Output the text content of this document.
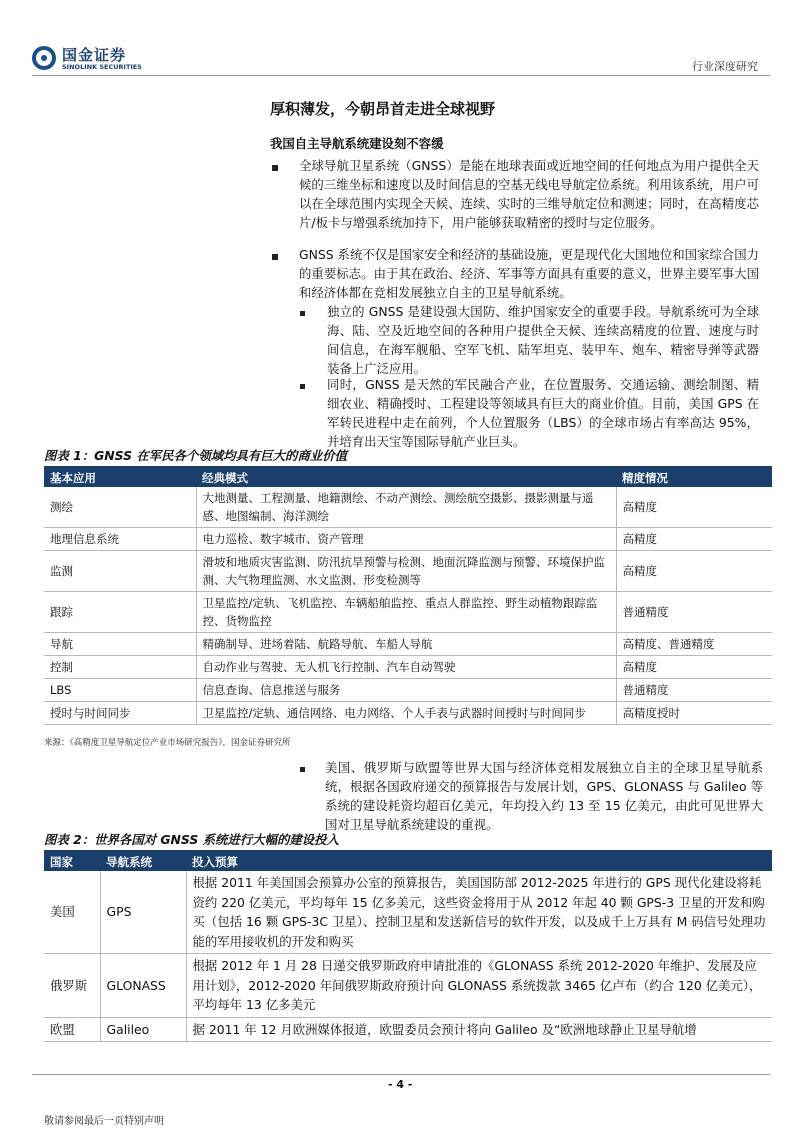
国金证券
SINOLINK SECURITIES	行业深度研究
厚积薄发，今朝昂首走进全球视野
我国自主导航系统建设刻不容缓
全球导航卫星系统（GNSS）是能在地球表面或近地空间的任何地点为用户提供全天候的三维坐标和速度以及时间信息的空基无线电导航定位系统。利用该系统，用户可以在全球范围内实现全天候、连续、实时的三维导航定位和测速；同时，在高精度芯片/板卡与增强系统加持下，用户能够获取精密的授时与定位服务。
GNSS 系统不仅是国家安全和经济的基础设施，更是现代化大国地位和国家综合国力的重要标志。由于其在政治、经济、军事等方面具有重要的意义，世界主要军事大国和经济体都在竞相发展独立自主的卫星导航系统。
独立的 GNSS 是建设强大国防、维护国家安全的重要手段。导航系统可为全球海、陆、空及近地空间的各种用户提供全天候、连续高精度的位置、速度与时间信息，在海军舰船、空军飞机、陆军坦克、装甲车、炮车、精密导弹等武器装备上广泛应用。
同时，GNSS 是天然的军民融合产业，在位置服务、交通运输、测绘制图、精细农业、精确授时、工程建设等领域具有巨大的商业价值。目前，美国 GPS 在军转民进程中走在前列，个人位置服务（LBS）的全球市场占有率高达 95%，并培育出天宝等国际导航产业巨头。
图表 1：GNSS 在军民各个领域均具有巨大的商业价值
基本应用	经典模式	精度情况
测绘	大地测量、工程测量、地籍测绘、不动产测绘、测绘航空摄影、摄影测量与遥感、地图编制、海洋测绘	高精度
地理信息系统	电力巡检、数字城市、资产管理	高精度
监测	滑坡和地质灾害监测、防汛抗旱预警与检测、地面沉降监测与预警、环境保护监测、大气物理监测、水文监测、形变检测等	高精度
跟踪	卫星监控/定轨、飞机监控、车辆船舶监控、重点人群监控、野生动植物跟踪监控、货物监控	普通精度
导航	精确制导、进场着陆、航路导航、车船人导航	高精度、普通精度
控制	自动作业与驾驶、无人机飞行控制、汽车自动驾驶	高精度
LBS	信息查询、信息推送与服务	普通精度
授时与时间同步	卫星监控/定轨、通信网络、电力网络、个人手表与武器时间授时与时间同步	高精度授时
来源：《高精度卫星导航定位产业市场研究报告》，国金证券研究所
美国、俄罗斯与欧盟等世界大国与经济体竞相发展独立自主的全球卫星导航系统，根据各国政府递交的预算报告与发展计划，GPS、GLONASS 与 Galileo 等系统的建设耗资均超百亿美元，年均投入约 13 至 15 亿美元，由此可见世界大国对卫星导航系统建设的重视。
图表 2：世界各国对 GNSS 系统进行大幅的建设投入
国家	导航系统	投入预算
美国	GPS	根据 2011 年美国国会预算办公室的预算报告，美国国防部 2012-2025 年进行的 GPS 现代化建设将耗资约 220 亿美元，平均每年 15 亿多美元，这些资金将用于从 2012 年起 40 颗 GPS-3 卫星的开发和购买（包括 16 颗 GPS-3C 卫星）、控制卫星和发送新信号的软件开发，以及成千上万具有 M 码信号处理功能的军用接收机的开发和购买
俄罗斯	GLONASS	根据 2012 年 1 月 28 日递交俄罗斯政府申请批准的《GLONASS 系统 2012-2020 年维护、发展及应用计划》，2012-2020 年间俄罗斯政府预计向 GLONASS 系统拨款 3465 亿卢布（约合 120 亿美元），平均每年 13 亿多美元
欧盟	Galileo	据 2011 年 12 月欧洲媒体报道，欧盟委员会预计将向 Galileo 及“欧洲地球静止卫星导航增
- 4 -
敬请参阅最后一页特别声明
